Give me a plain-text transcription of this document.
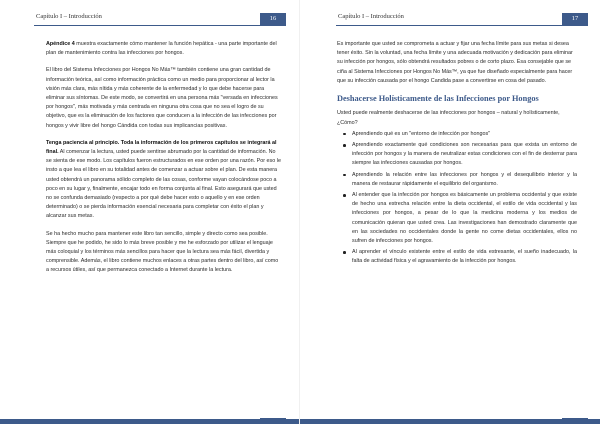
Capítulo I – Introducción	16

Apéndice 4 muestra exactamente cómo mantener la función hepática - una parte importante del plan de mantenimiento contra las infecciones por hongos.

El libro del Sistema Infecciones por Hongos No Más™ también contiene una gran cantidad de información teórica, así como información práctica como un medio para proporcionar al lector la visión más clara, más nítida y más coherente de la enfermedad y lo que debe hacerse para eliminar sus síntomas. De este modo, se convertirá en una persona más "versada en infecciones por hongos", más motivada y más centrada en ninguna otra cosa que no sea el logro de su objetivo, que es la eliminación de los factores que conducen a la infección de las infecciones por hongos y vivir libre del hongo Cándida con todas sus implicancias positivas.

Tenga paciencia al principio. Toda la información de los primeros capítulos se integrará al final. Al comenzar la lectura, usted puede sentirse abrumado por la cantidad de información. No se sienta de ese modo. Los capítulos fueron estructurados en ese orden por una razón. Por eso le insto a que lea el libro en su totalidad antes de comenzar a actuar sobre el plan. De esta manera usted obtendrá un panorama sólido completo de las cosas, conforme vayan colocándose poco a poco en su lugar y, finalmente, encajar todo en forma conjunta al final. Esto asegurará que usted no se confunda demasiado (respecto a por qué debe hacer esto o aquello y en ese orden determinado) o se pierda información esencial necesaria para completar con éxito el plan y alcanzar sus metas.

Se ha hecho mucho para mantener este libro tan sencillo, simple y directo como sea posible. Siempre que he podido, he sido lo más breve posible y me he esforzado por utilizar el lenguaje más coloquial y los términos más sencillos para hacer que la lectura sea más fácil, divertida y comprensible. Además, el libro contiene muchos enlaces a otras partes dentro del libro, así como a recursos útiles, así que permanezca conectado a Internet durante la lectura.

Capítulo I – Introducción	17

Es importante que usted se comprometa a actuar y fijar una fecha límite para sus metas si desea tener éxito. Sin la voluntad, una fecha límite y una adecuada motivación y dedicación para eliminar su infección por hongos, sólo obtendrá resultados pobres o de corto plazo. Esa consejable que se ciña al Sistema Infecciones por Hongos No Más™, ya que fue diseñado especialmente para hacer que su infección causada por el hongo Candida pase a convertirse en cosa del pasado.

Deshacerse Holísticamente de las Infecciones por Hongos

Usted puede realmente deshacerse de las infecciones por hongos – natural y holísticamente, ¿Cómo?

Aprendiendo qué es un "entorno de infección por hongos"
Aprendiendo exactamente qué condiciones son necesarias para que exista un entorno de infección por hongos y la manera de neutralizar estas condiciones con el fin de desterrar para siempre las infecciones causadas por hongos.
Aprendiendo la relación entre las infecciones por hongos y el desequilibrio interior y la manera de restaurar rápidamente el equilibrio del organismo.
Al entender que la infección por hongos es básicamente un problema occidental y que existe de hecho una estrecha relación entre la dieta occidental, el estilo de vida occidental y las infecciones por hongos, a pesar de lo que la medicina moderna y los medios de comunicación quieran que usted crea. Las investigaciones han demostrado claramente que en las sociedades no occidentales donde la gente no come dietas occidentales, ellos no sufren de infecciones por hongos.
Al aprender el vínculo existente entre el estilo de vida estresante, el sueño inadecuado, la falta de actividad física y el agravamiento de la infección por hongos.
